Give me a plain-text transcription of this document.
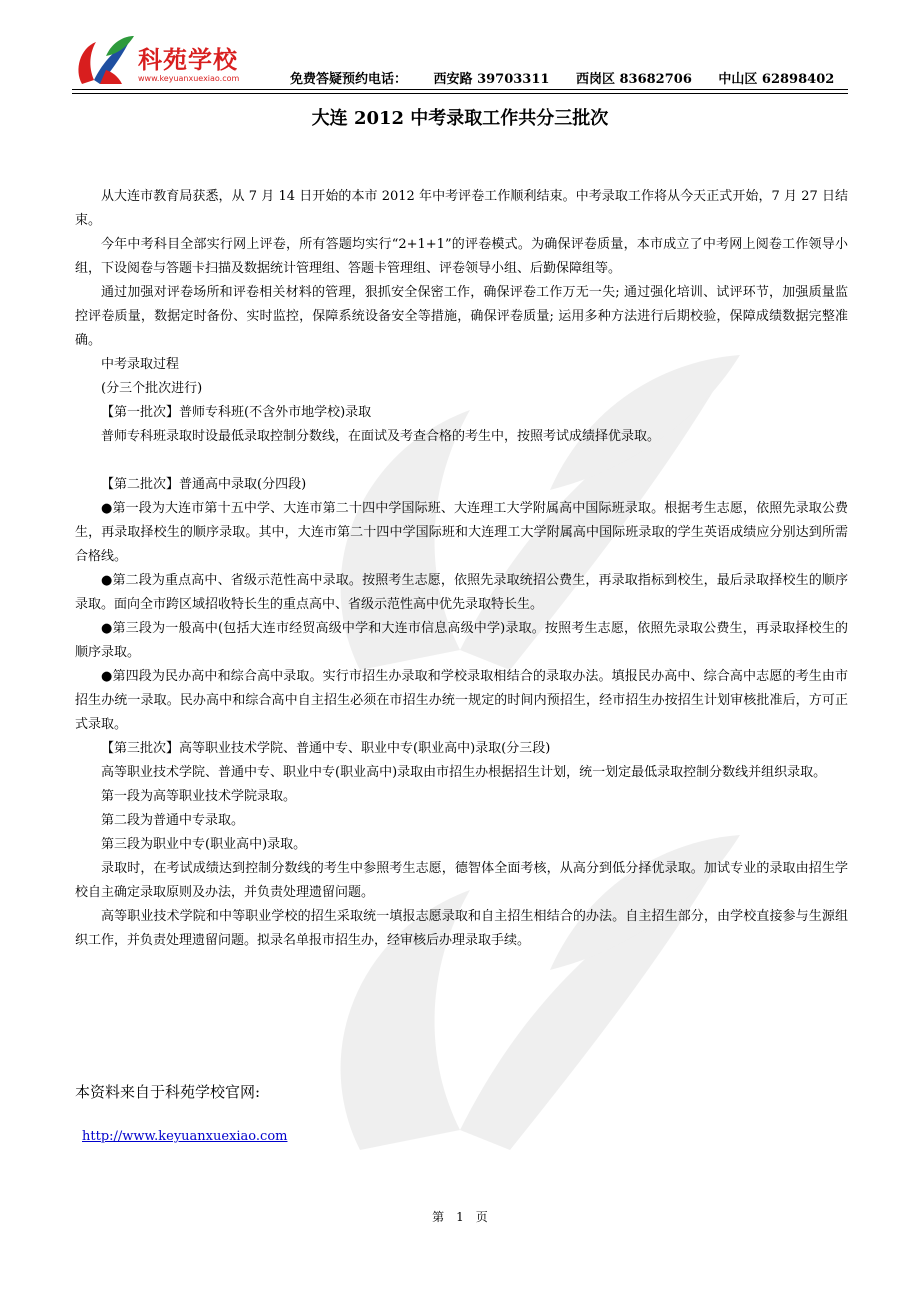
科苑学校
www.keyuanxuexiao.com	免费答疑预约电话： 西安路 39703311 西岗区 83682706 中山区 62898402
大连 2012 中考录取工作共分三批次

从大连市教育局获悉，从 7 月 14 日开始的本市 2012 年中考评卷工作顺利结束。中考录取工作将从今天正式开始，7 月 27 日结束。

今年中考科目全部实行网上评卷，所有答题均实行“2+1+1”的评卷模式。为确保评卷质量，本市成立了中考网上阅卷工作领导小组，下设阅卷与答题卡扫描及数据统计管理组、答题卡管理组、评卷领导小组、后勤保障组等。

通过加强对评卷场所和评卷相关材料的管理，狠抓安全保密工作，确保评卷工作万无一失; 通过强化培训、试评环节，加强质量监控评卷质量，数据定时备份、实时监控，保障系统设备安全等措施，确保评卷质量; 运用多种方法进行后期校验，保障成绩数据完整准确。

中考录取过程

(分三个批次进行)

【第一批次】普师专科班(不含外市地学校)录取

普师专科班录取时设最低录取控制分数线，在面试及考查合格的考生中，按照考试成绩择优录取。

【第二批次】普通高中录取(分四段)

●第一段为大连市第十五中学、大连市第二十四中学国际班、大连理工大学附属高中国际班录取。根据考生志愿，依照先录取公费生，再录取择校生的顺序录取。其中，大连市第二十四中学国际班和大连理工大学附属高中国际班录取的学生英语成绩应分别达到所需合格线。

●第二段为重点高中、省级示范性高中录取。按照考生志愿，依照先录取统招公费生，再录取指标到校生，最后录取择校生的顺序录取。面向全市跨区域招收特长生的重点高中、省级示范性高中优先录取特长生。

●第三段为一般高中(包括大连市经贸高级中学和大连市信息高级中学)录取。按照考生志愿，依照先录取公费生，再录取择校生的顺序录取。

●第四段为民办高中和综合高中录取。实行市招生办录取和学校录取相结合的录取办法。填报民办高中、综合高中志愿的考生由市招生办统一录取。民办高中和综合高中自主招生必须在市招生办统一规定的时间内预招生，经市招生办按招生计划审核批准后，方可正式录取。

【第三批次】高等职业技术学院、普通中专、职业中专(职业高中)录取(分三段)

高等职业技术学院、普通中专、职业中专(职业高中)录取由市招生办根据招生计划，统一划定最低录取控制分数线并组织录取。

第一段为高等职业技术学院录取。

第二段为普通中专录取。

第三段为职业中专(职业高中)录取。

录取时，在考试成绩达到控制分数线的考生中参照考生志愿，德智体全面考核，从高分到低分择优录取。加试专业的录取由招生学校自主确定录取原则及办法，并负责处理遗留问题。

高等职业技术学院和中等职业学校的招生采取统一填报志愿录取和自主招生相结合的办法。自主招生部分，由学校直接参与生源组织工作，并负责处理遗留问题。拟录名单报市招生办，经审核后办理录取手续。

本资料来自于科苑学校官网:
http://www.keyuanxuexiao.com
第　1　页
